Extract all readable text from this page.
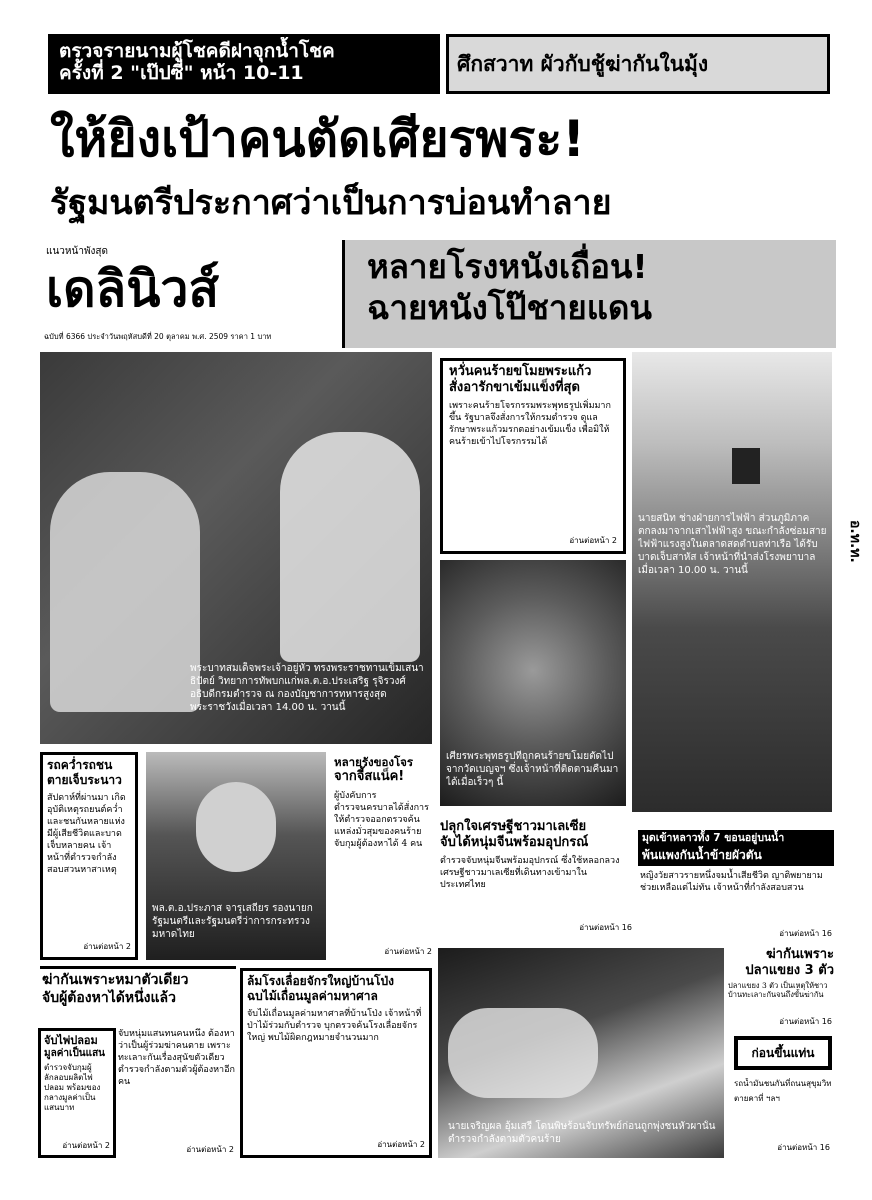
ตรวจรายนามผู้โชคดีฝาจุกน้ำโชค
ครั้งที่ 2 "เป๊ปซี่" หน้า 10-11	ศึกสวาท ผัวกับชู้ฆ่ากันในมุ้ง
ให้ยิงเป้าคนตัดเศียรพระ!
รัฐมนตรีประกาศว่าเป็นการบ่อนทำลาย
แนวหน้าพังสุด
เดลินิวส์
ฉบับที่ 6366 ประจำวันพฤหัสบดีที่ 20 ตุลาคม พ.ศ. 2509 ราคา 1 บาท
หลายโรงหนังเถื่อน!
ฉายหนังโป๊ชายแดน
พระบาทสมเด็จพระเจ้าอยู่หัว ทรงพระราชทานเข็มเสนาธิปัตย์ วิทยาการทัพบกแก่พล.ต.อ.ประเสริฐ รุจิรวงศ์ อธิบดีกรมตำรวจ ณ กองบัญชาการทหารสูงสุด พระราชวังเมื่อเวลา 14.00 น. วานนี้
หวั่นคนร้ายขโมยพระแก้ว
สั่งอารักขาเข้มแข็งที่สุด
เพราะคนร้ายโจรกรรมพระพุทธรูปเพิ่มมากขึ้น รัฐบาลจึงสั่งการให้กรมตำรวจ ดูแลรักษาพระแก้วมรกตอย่างเข้มแข็ง เพื่อมิให้คนร้ายเข้าไปโจรกรรมได้
อ่านต่อหน้า 2
เศียรพระพุทธรูปที่ถูกคนร้ายขโมยตัดไปจากวัดเบญจฯ ซึ่งเจ้าหน้าที่ติดตามคืนมาได้เมื่อเร็วๆ นี้
นายสนิท ช่างฝ่ายการไฟฟ้า ส่วนภูมิภาค ตกลงมาจากเสาไฟฟ้าสูง ขณะกำลังซ่อมสายไฟฟ้าแรงสูงในตลาดสดตำบลท่าเรือ ได้รับบาดเจ็บสาหัส เจ้าหน้าที่นำส่งโรงพยาบาล เมื่อเวลา 10.00 น. วานนี้
อ.ท.ท.
รถคว่ำรถชน
ตายเจ็บระนาว
สัปดาห์ที่ผ่านมา เกิดอุบัติเหตุรถยนต์คว่ำและชนกันหลายแห่ง มีผู้เสียชีวิตและบาดเจ็บหลายคน เจ้าหน้าที่ตำรวจกำลังสอบสวนหาสาเหตุ
อ่านต่อหน้า 2
พล.ต.อ.ประภาส จารุเสถียร รองนายกรัฐมนตรีและรัฐมนตรีว่าการกระทรวงมหาดไทย
หลายรังของโจร
จากจี้สแน็ค!
ผู้บังคับการตำรวจนครบาลได้สั่งการให้ตำรวจออกตรวจค้นแหล่งมั่วสุมของคนร้าย จับกุมผู้ต้องหาได้ 4 คน
อ่านต่อหน้า 2
ปลุกใจเศรษฐีชาวมาเลเซีย
จับได้หนุ่มจีนพร้อมอุปกรณ์
ตำรวจจับหนุ่มจีนพร้อมอุปกรณ์ ซึ่งใช้หลอกลวงเศรษฐีชาวมาเลเซียที่เดินทางเข้ามาในประเทศไทย
อ่านต่อหน้า 16
มุดเข้าหลาวทั้ง 7 ขอนอยู่บนน้ำ
พ้นแพงกันน้ำข้ายผัวตัน
หญิงวัยสาวรายหนึ่งจมน้ำเสียชีวิต ญาติพยายามช่วยเหลือแต่ไม่ทัน เจ้าหน้าที่กำลังสอบสวน
อ่านต่อหน้า 16
ฆ่ากันเพราะหมาตัวเดียว
จับผู้ต้องหาได้หนึ่งแล้ว
จับหนุ่มแสนทนคนหนึ่ง ต้องหาว่าเป็นผู้ร่วมฆ่าคนตาย เพราะทะเลาะกันเรื่องสุนัขตัวเดียว ตำรวจกำลังตามตัวผู้ต้องหาอีกคน
อ่านต่อหน้า 2
จับไพ่ปลอม
มูลค่าเป็นแสน
ตำรวจจับกุมผู้ลักลอบผลิตไพ่ปลอม พร้อมของกลางมูลค่าเป็นแสนบาท
อ่านต่อหน้า 2
ล้มโรงเลื่อยจักรใหญ่บ้านโป่ง
ฉบไม้เถื่อนมูลค่ามหาศาล
จับไม้เถื่อนมูลค่ามหาศาลที่บ้านโป่ง เจ้าหน้าที่ป่าไม้ร่วมกับตำรวจ บุกตรวจค้นโรงเลื่อยจักรใหญ่ พบไม้ผิดกฎหมายจำนวนมาก
อ่านต่อหน้า 2
นายเจริญผล อุ้มเสรี โดนพิษร้อนจับทรัพย์ก่อนถูกพุ่งชนหัวผานั้น ตำรวจกำลังตามตัวคนร้าย
ฆ่ากันเพราะ
ปลาแขยง 3 ตัว
ปลาแขยง 3 ตัว เป็นเหตุให้ชาวบ้านทะเลาะกันจนถึงขั้นฆ่ากัน
อ่านต่อหน้า 16
ก่อนขึ้นแท่น
รถน้ำมันชนกันที่ถนนสุขุมวิท
ตายคาที่ ฯลฯ
อ่านต่อหน้า 16
